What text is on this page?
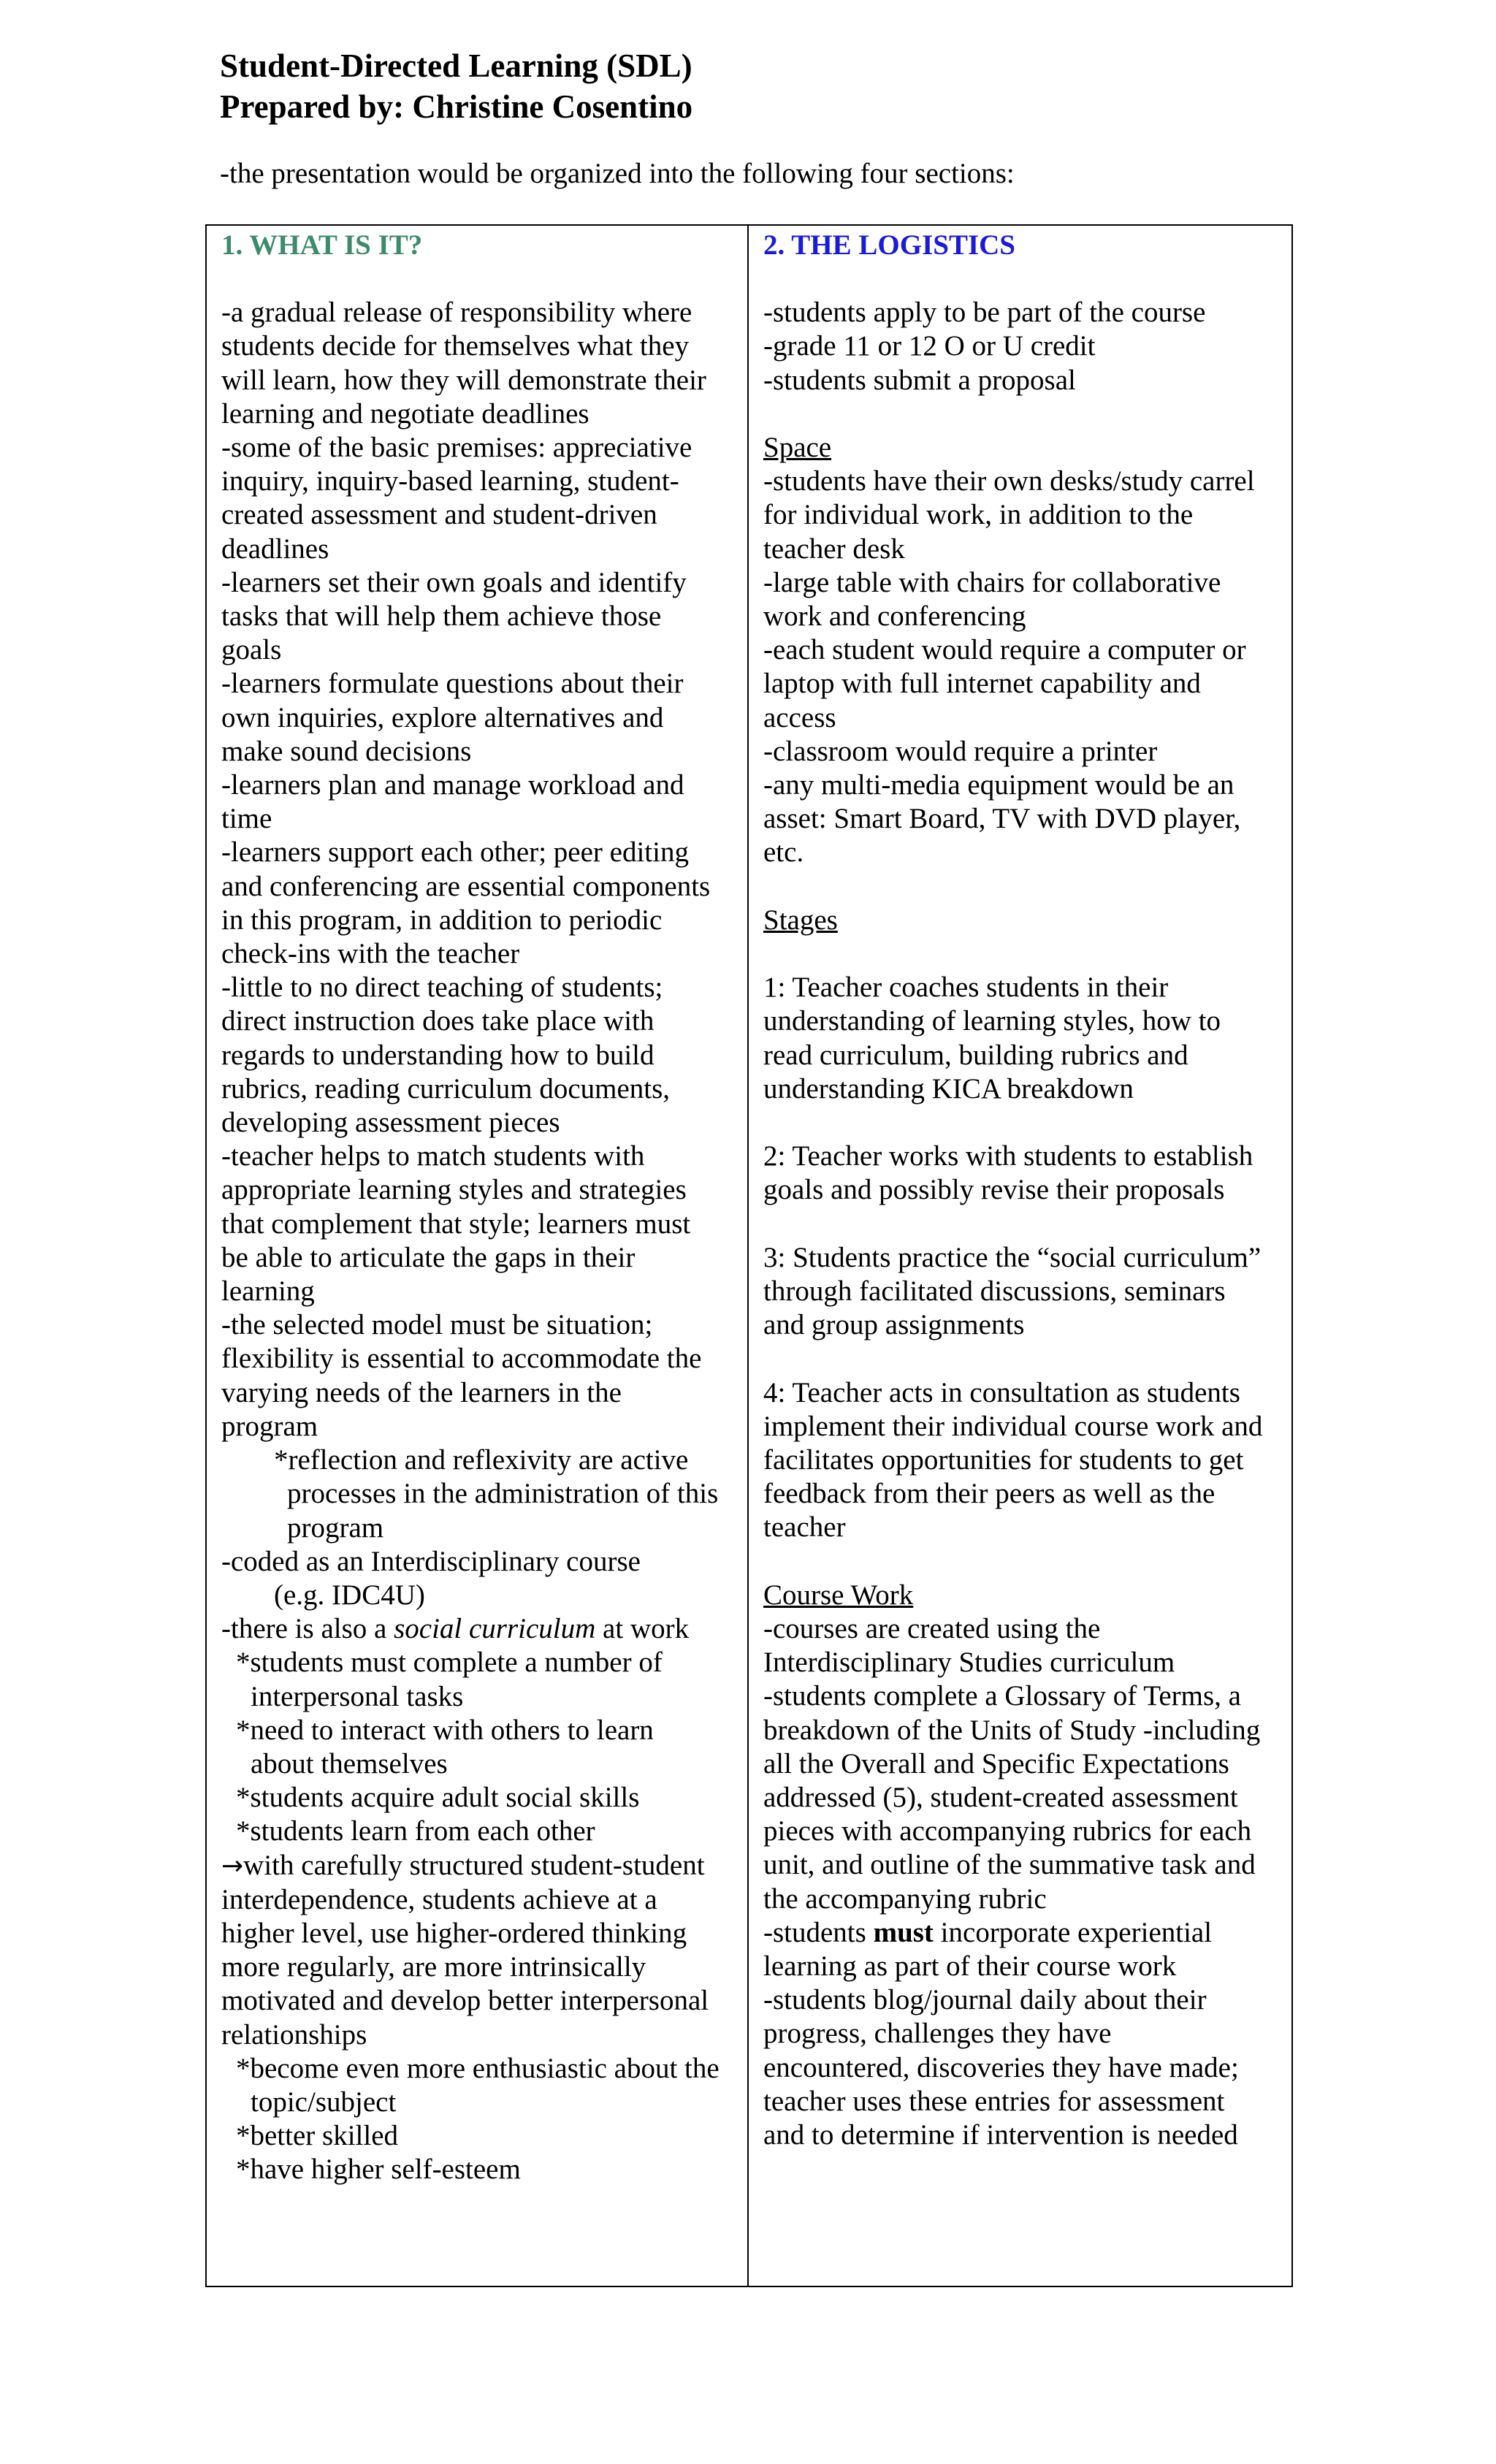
Student-Directed Learning (SDL)
Prepared by: Christine Cosentino

-the presentation would be organized into the following four sections:

1. WHAT IS IT?
-a gradual release of responsibility where
students decide for themselves what they
will learn, how they will demonstrate their
learning and negotiate deadlines
-some of the basic premises: appreciative
inquiry, inquiry-based learning, student-
created assessment and student-driven
deadlines
-learners set their own goals and identify
tasks that will help them achieve those
goals
-learners formulate questions about their
own inquiries, explore alternatives and
make sound decisions
-learners plan and manage workload and
time
-learners support each other; peer editing
and conferencing are essential components
in this program, in addition to periodic
check-ins with the teacher
-little to no direct teaching of students;
direct instruction does take place with
regards to understanding how to build
rubrics, reading curriculum documents,
developing assessment pieces
-teacher helps to match students with
appropriate learning styles and strategies
that complement that style; learners must
be able to articulate the gaps in their
learning
-the selected model must be situation;
flexibility is essential to accommodate the
varying needs of the learners in the
program
*reflection and reflexivity are active
processes in the administration of this
program
-coded as an Interdisciplinary course
(e.g. IDC4U)
-there is also a social curriculum at work
*students must complete a number of
interpersonal tasks
*need to interact with others to learn
about themselves
*students acquire adult social skills
*students learn from each other
→with carefully structured student-student
interdependence, students achieve at a
higher level, use higher-ordered thinking
more regularly, are more intrinsically
motivated and develop better interpersonal
relationships
*become even more enthusiastic about the
topic/subject
*better skilled
*have higher self-esteem
2. THE LOGISTICS
-students apply to be part of the course
-grade 11 or 12 O or U credit
-students submit a proposal
Space
-students have their own desks/study carrel
for individual work, in addition to the
teacher desk
-large table with chairs for collaborative
work and conferencing
-each student would require a computer or
laptop with full internet capability and
access
-classroom would require a printer
-any multi-media equipment would be an
asset: Smart Board, TV with DVD player,
etc.
Stages
1: Teacher coaches students in their
understanding of learning styles, how to
read curriculum, building rubrics and
understanding KICA breakdown
2: Teacher works with students to establish
goals and possibly revise their proposals
3: Students practice the “social curriculum”
through facilitated discussions, seminars
and group assignments
4: Teacher acts in consultation as students
implement their individual course work and
facilitates opportunities for students to get
feedback from their peers as well as the
teacher
Course Work
-courses are created using the
Interdisciplinary Studies curriculum
-students complete a Glossary of Terms, a
breakdown of the Units of Study -including
all the Overall and Specific Expectations
addressed (5), student-created assessment
pieces with accompanying rubrics for each
unit, and outline of the summative task and
the accompanying rubric
-students must incorporate experiential
learning as part of their course work
-students blog/journal daily about their
progress, challenges they have
encountered, discoveries they have made;
teacher uses these entries for assessment
and to determine if intervention is needed
